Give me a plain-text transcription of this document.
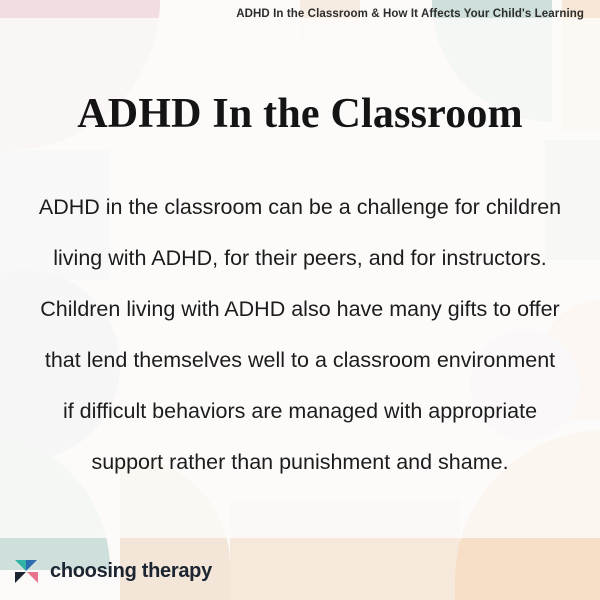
ADHD In the Classroom & How It Affects Your Child's Learning
ADHD In the Classroom

ADHD in the classroom can be a challenge for children living with ADHD, for their peers, and for instructors. Children living with ADHD also have many gifts to offer that lend themselves well to a classroom environment if difficult behaviors are managed with appropriate support rather than punishment and shame.

choosing therapy
